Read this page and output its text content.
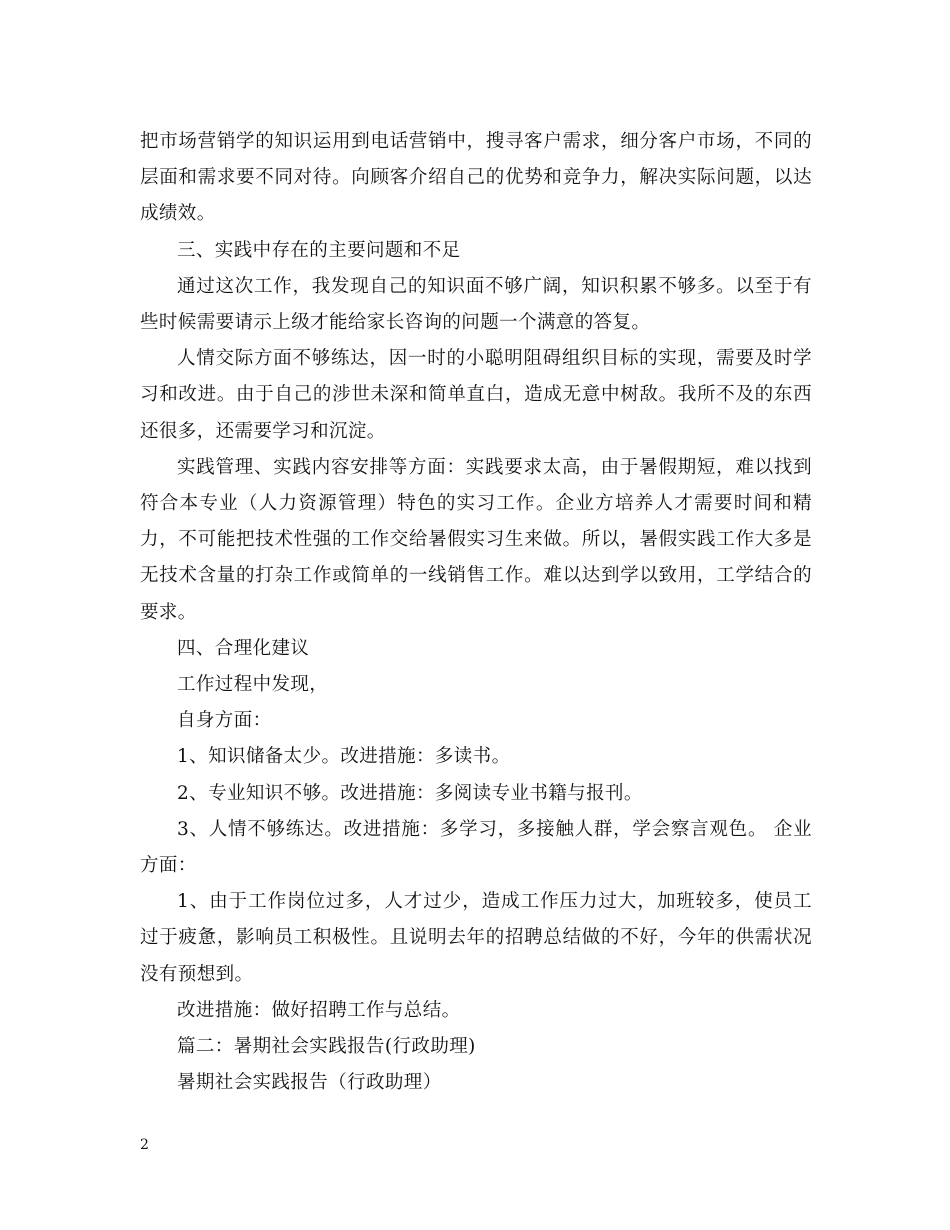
把市场营销学的知识运用到电话营销中，搜寻客户需求，细分客户市场，不同的层面和需求要不同对待。向顾客介绍自己的优势和竞争力，解决实际问题，以达成绩效。

三、实践中存在的主要问题和不足

通过这次工作，我发现自己的知识面不够广阔，知识积累不够多。以至于有些时候需要请示上级才能给家长咨询的问题一个满意的答复。

人情交际方面不够练达，因一时的小聪明阻碍组织目标的实现，需要及时学习和改进。由于自己的涉世未深和简单直白，造成无意中树敌。我所不及的东西还很多，还需要学习和沉淀。

实践管理、实践内容安排等方面：实践要求太高，由于暑假期短，难以找到符合本专业（人力资源管理）特色的实习工作。企业方培养人才需要时间和精力，不可能把技术性强的工作交给暑假实习生来做。所以，暑假实践工作大多是无技术含量的打杂工作或简单的一线销售工作。难以达到学以致用，工学结合的要求。

四、合理化建议

工作过程中发现，

自身方面：

1、知识储备太少。改进措施：多读书。

2、专业知识不够。改进措施：多阅读专业书籍与报刊。

3、人情不够练达。改进措施：多学习，多接触人群，学会察言观色。 企业方面：

1、由于工作岗位过多，人才过少，造成工作压力过大，加班较多，使员工过于疲惫，影响员工积极性。且说明去年的招聘总结做的不好，今年的供需状况没有预想到。

改进措施：做好招聘工作与总结。

篇二：暑期社会实践报告(行政助理)

暑期社会实践报告（行政助理）

2
